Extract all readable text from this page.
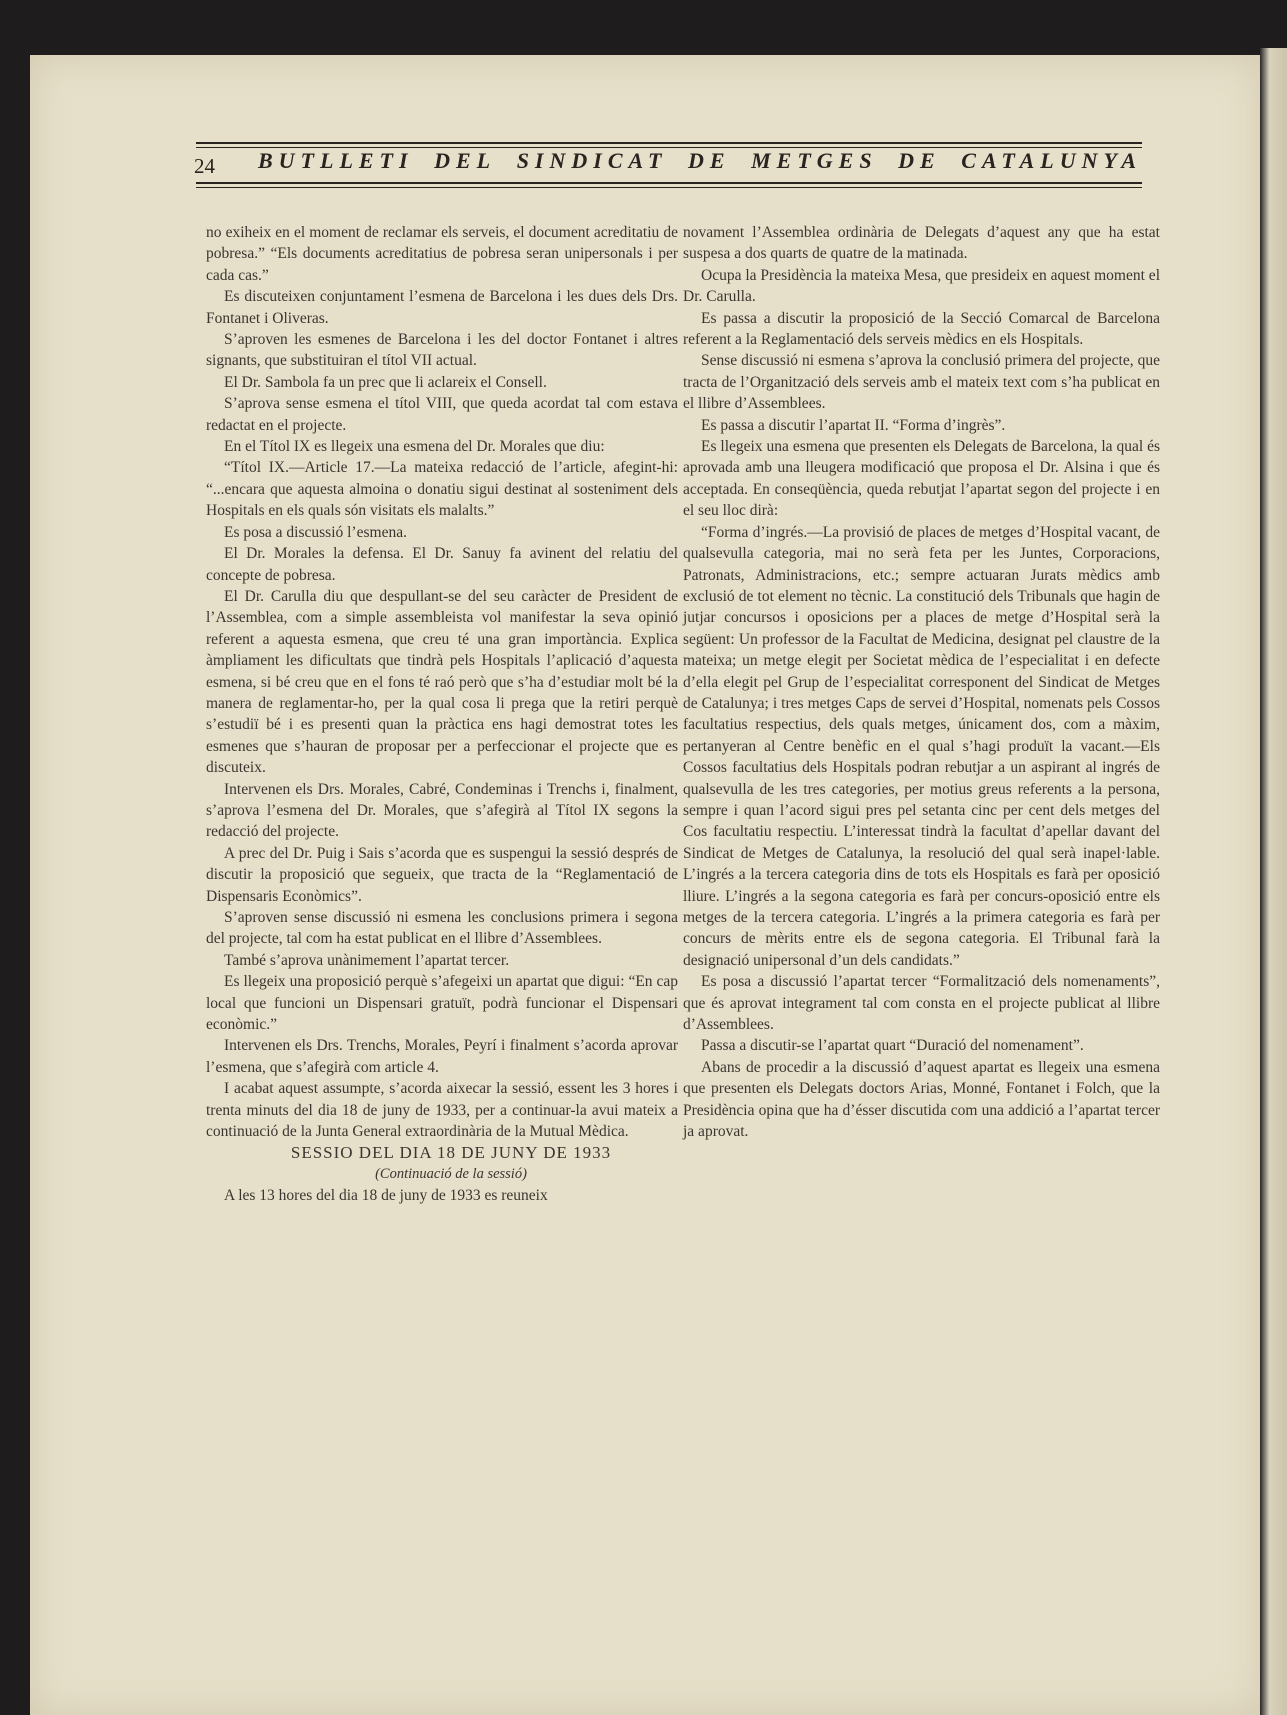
24 BUTLLETI DEL SINDICAT DE METGES DE CATALUNYA

no exiheix en el moment de reclamar els serveis, el document acreditatiu de pobresa.” “Els documents acreditatius de pobresa seran unipersonals i per cada cas.”

Es discuteixen conjuntament l’esmena de Barcelona i les dues dels Drs. Fontanet i Oliveras.

S’aproven les esmenes de Barcelona i les del doctor Fontanet i altres signants, que substituiran el títol VII actual.

El Dr. Sambola fa un prec que li aclareix el Consell.

S’aprova sense esmena el títol VIII, que queda acordat tal com estava redactat en el projecte.

En el Títol IX es llegeix una esmena del Dr. Morales que diu:

“Títol IX.—Article 17.—La mateixa redacció de l’article, afegint-hi: “...encara que aquesta almoina o donatiu sigui destinat al sosteniment dels Hospitals en els quals són visitats els malalts.”

Es posa a discussió l’esmena.

El Dr. Morales la defensa. El Dr. Sanuy fa avinent del relatiu del concepte de pobresa.

El Dr. Carulla diu que despullant-se del seu caràcter de President de l’Assemblea, com a simple assembleista vol manifestar la seva opinió referent a aquesta esmena, que creu té una gran importància. Explica àmpliament les dificultats que tindrà pels Hospitals l’aplicació d’aquesta esmena, si bé creu que en el fons té raó però que s’ha d’estudiar molt bé la manera de reglamentar-ho, per la qual cosa li prega que la retiri perquè s’estudiï bé i es presenti quan la pràctica ens hagi demostrat totes les esmenes que s’hauran de proposar per a perfeccionar el projecte que es discuteix.

Intervenen els Drs. Morales, Cabré, Condeminas i Trenchs i, finalment, s’aprova l’esmena del Dr. Morales, que s’afegirà al Títol IX segons la redacció del projecte.

A prec del Dr. Puig i Sais s’acorda que es suspengui la sessió després de discutir la proposició que segueix, que tracta de la “Reglamentació de Dispensaris Econòmics”.

S’aproven sense discussió ni esmena les conclusions primera i segona del projecte, tal com ha estat publicat en el llibre d’Assemblees.

També s’aprova unànimement l’apartat tercer.

Es llegeix una proposició perquè s’afegeixi un apartat que digui: “En cap local que funcioni un Dispensari gratuït, podrà funcionar el Dispensari econòmic.”

Intervenen els Drs. Trenchs, Morales, Peyrí i finalment s’acorda aprovar l’esmena, que s’afegirà com article 4.

I acabat aquest assumpte, s’acorda aixecar la sessió, essent les 3 hores i trenta minuts del dia 18 de juny de 1933, per a continuar-la avui mateix a continuació de la Junta General extraordinària de la Mutual Mèdica.

SESSIO DEL DIA 18 DE JUNY DE 1933

(Continuació de la sessió)

A les 13 hores del dia 18 de juny de 1933 es reuneix

novament l’Assemblea ordinària de Delegats d’aquest any que ha estat suspesa a dos quarts de quatre de la matinada.

Ocupa la Presidència la mateixa Mesa, que presideix en aquest moment el Dr. Carulla.

Es passa a discutir la proposició de la Secció Comarcal de Barcelona referent a la Reglamentació dels serveis mèdics en els Hospitals.

Sense discussió ni esmena s’aprova la conclusió primera del projecte, que tracta de l’Organització dels serveis amb el mateix text com s’ha publicat en el llibre d’Assemblees.

Es passa a discutir l’apartat II. “Forma d’ingrès”.

Es llegeix una esmena que presenten els Delegats de Barcelona, la qual és aprovada amb una lleugera modificació que proposa el Dr. Alsina i que és acceptada. En conseqüència, queda rebutjat l’apartat segon del projecte i en el seu lloc dirà:

“Forma d’ingrés.—La provisió de places de metges d’Hospital vacant, de qualsevulla categoria, mai no serà feta per les Juntes, Corporacions, Patronats, Administracions, etc.; sempre actuaran Jurats mèdics amb exclusió de tot element no tècnic. La constitució dels Tribunals que hagin de jutjar concursos i oposicions per a places de metge d’Hospital serà la següent: Un professor de la Facultat de Medicina, designat pel claustre de la mateixa; un metge elegit per Societat mèdica de l’especialitat i en defecte d’ella elegit pel Grup de l’especialitat corresponent del Sindicat de Metges de Catalunya; i tres metges Caps de servei d’Hospital, nomenats pels Cossos facultatius respectius, dels quals metges, únicament dos, com a màxim, pertanyeran al Centre benèfic en el qual s’hagi produït la vacant.—Els Cossos facultatius dels Hospitals podran rebutjar a un aspirant al ingrés de qualsevulla de les tres categories, per motius greus referents a la persona, sempre i quan l’acord sigui pres pel setanta cinc per cent dels metges del Cos facultatiu respectiu. L’interessat tindrà la facultat d’apellar davant del Sindicat de Metges de Catalunya, la resolució del qual serà inapel·lable. L’ingrés a la tercera categoria dins de tots els Hospitals es farà per oposició lliure. L’ingrés a la segona categoria es farà per concurs-oposició entre els metges de la tercera categoria. L’ingrés a la primera categoria es farà per concurs de mèrits entre els de segona categoria. El Tribunal farà la designació unipersonal d’un dels candidats.”

Es posa a discussió l’apartat tercer “Formalització dels nomenaments”, que és aprovat integrament tal com consta en el projecte publicat al llibre d’Assemblees.

Passa a discutir-se l’apartat quart “Duració del nomenament”.

Abans de procedir a la discussió d’aquest apartat es llegeix una esmena que presenten els Delegats doctors Arias, Monné, Fontanet i Folch, que la Presidència opina que ha d’ésser discutida com una addició a l’apartat tercer ja aprovat.
